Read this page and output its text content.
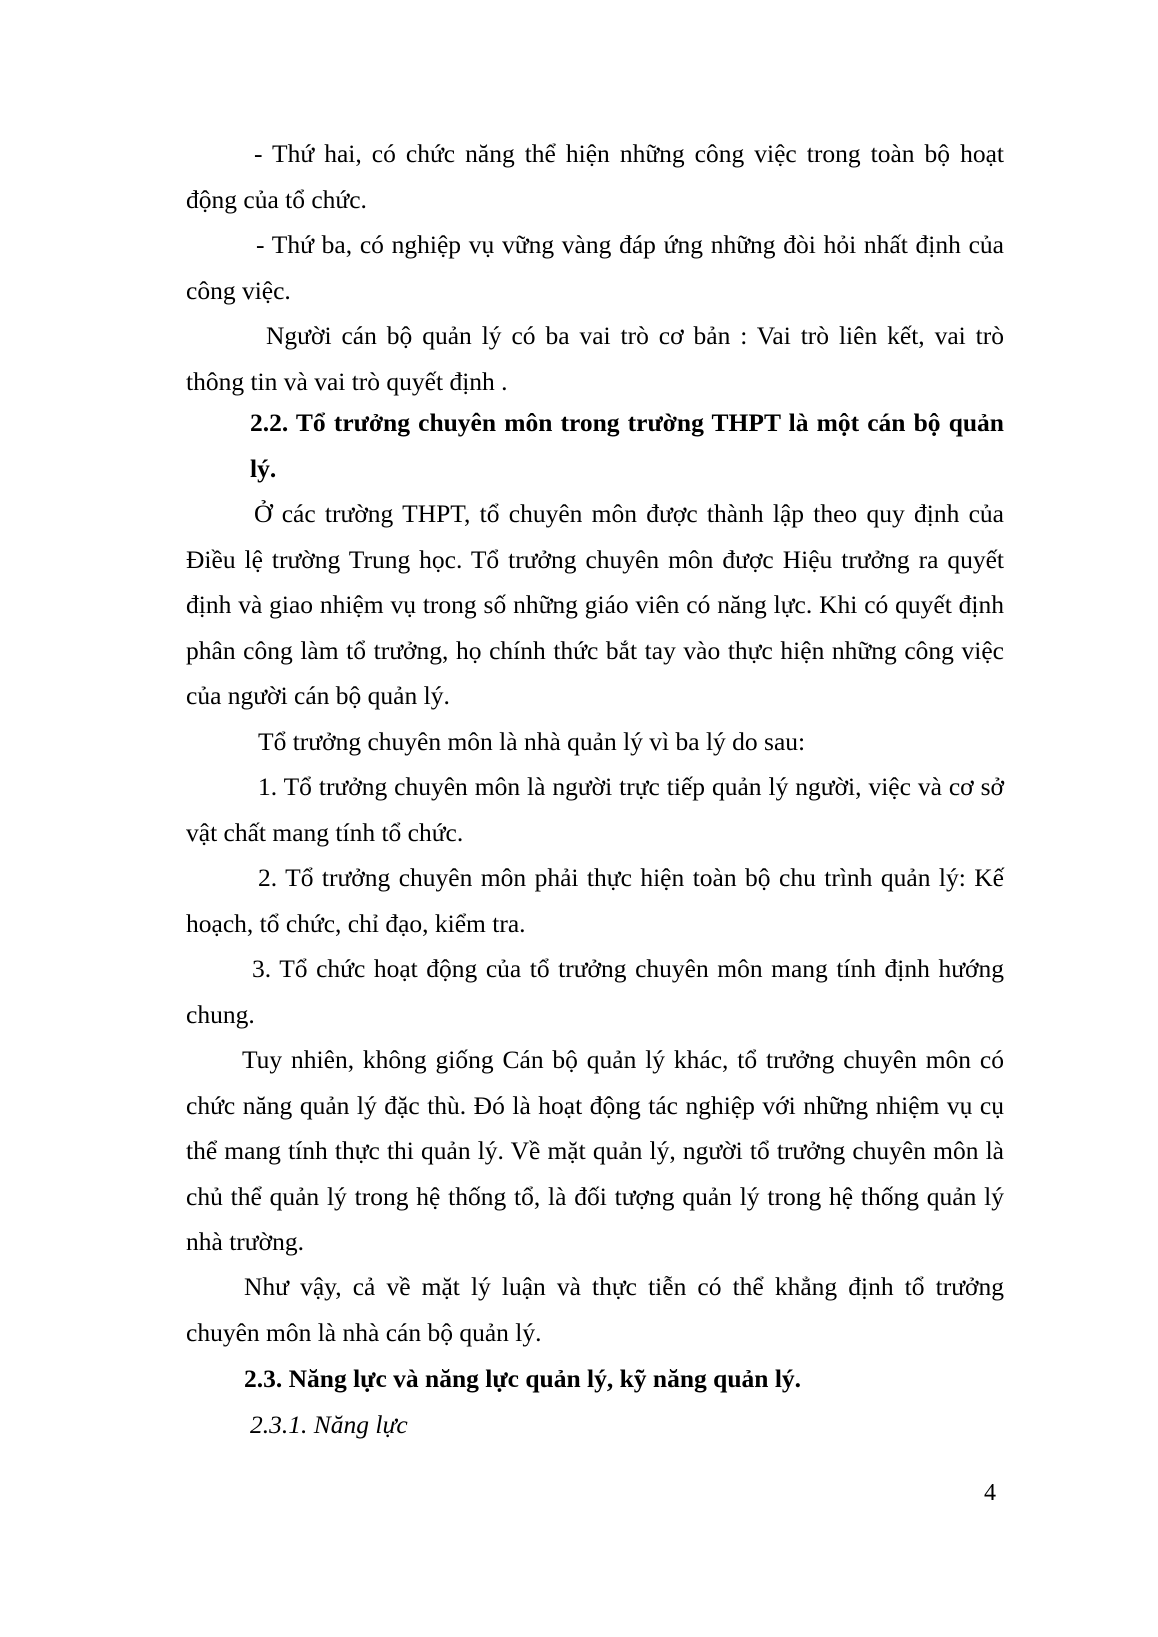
- Thứ hai, có chức năng thể hiện những công việc trong toàn bộ hoạt động của tổ chức.

- Thứ ba, có nghiệp vụ vững vàng đáp ứng những đòi hỏi nhất định của công việc.

Người cán bộ quản lý có ba vai trò cơ bản : Vai trò liên kết, vai trò thông tin và vai trò quyết định .

2.2. Tổ trưởng chuyên môn trong trường THPT là một cán bộ quản lý.

Ở các trường THPT, tổ chuyên môn được thành lập theo quy định của Điều lệ trường Trung học. Tổ trưởng chuyên môn được Hiệu trưởng ra quyết định và giao nhiệm vụ trong số những giáo viên có năng lực. Khi có quyết định phân công làm tổ trưởng, họ chính thức bắt tay vào thực hiện những công việc của người cán bộ quản lý.

Tổ trưởng chuyên môn là nhà quản lý vì ba lý do sau:

1. Tổ trưởng chuyên môn là người trực tiếp quản lý người, việc và cơ sở vật chất mang tính tổ chức.

2. Tổ trưởng chuyên môn phải thực hiện toàn bộ chu trình quản lý: Kế hoạch, tổ chức, chỉ đạo, kiểm tra.

3. Tổ chức hoạt động của tổ trưởng chuyên môn mang tính định hướng chung.

Tuy nhiên, không giống Cán bộ quản lý khác, tổ trưởng chuyên môn có chức năng quản lý đặc thù. Đó là hoạt động tác nghiệp với những nhiệm vụ cụ thể mang tính thực thi quản lý. Về mặt quản lý, người tổ trưởng chuyên môn là chủ thể quản lý trong hệ thống tổ, là đối tượng quản lý trong hệ thống quản lý nhà trường.

Như vậy, cả về mặt lý luận và thực tiễn có thể khẳng định tổ trưởng chuyên môn là nhà cán bộ quản lý.

2.3. Năng lực và năng lực quản lý, kỹ năng quản lý.

2.3.1. Năng lực

4
